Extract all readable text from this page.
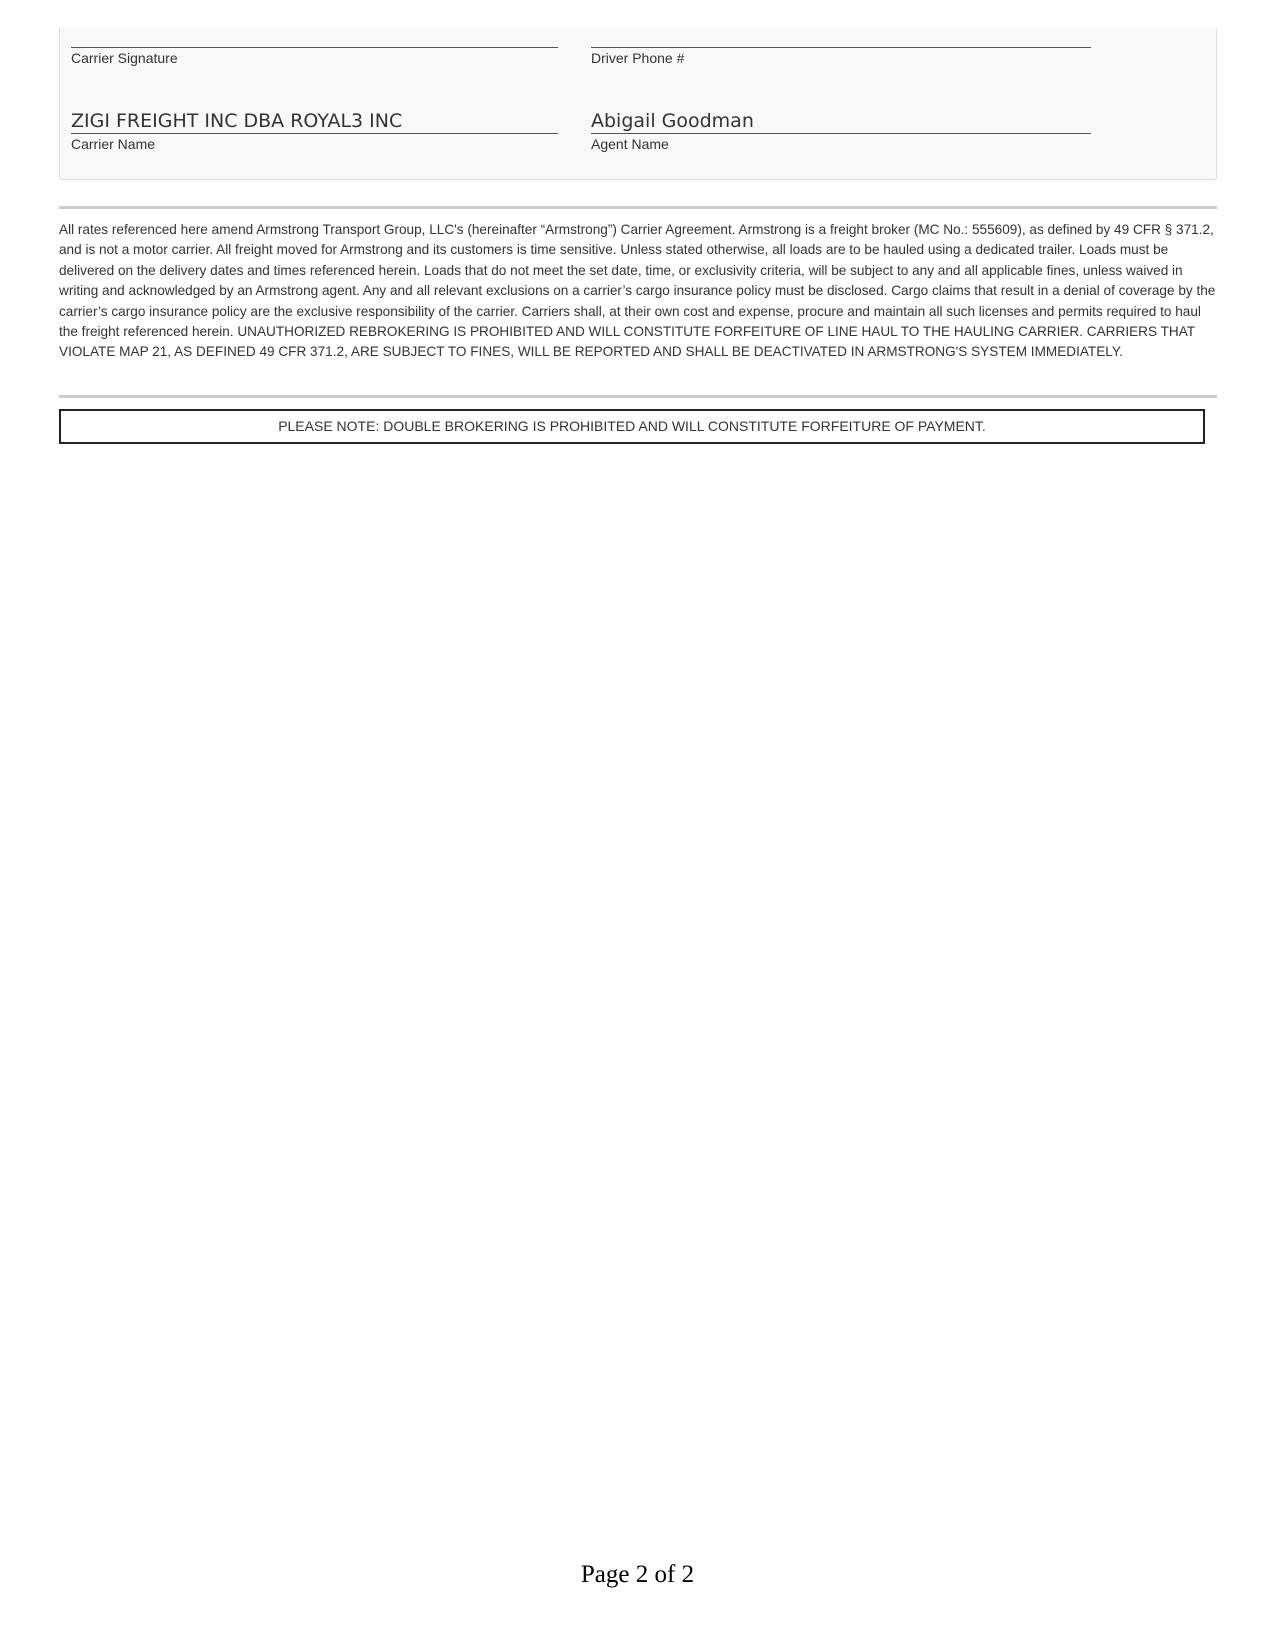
Carrier Signature	Driver Phone #
ZIGI FREIGHT INC DBA ROYAL3 INC
Carrier Name
Abigail Goodman
Agent Name

All rates referenced here amend Armstrong Transport Group, LLC's (hereinafter “Armstrong”) Carrier Agreement. Armstrong is a freight broker (MC No.: 555609), as defined by 49 CFR § 371.2, and is not a motor carrier. All freight moved for Armstrong and its customers is time sensitive. Unless stated otherwise, all loads are to be hauled using a dedicated trailer. Loads must be delivered on the delivery dates and times referenced herein. Loads that do not meet the set date, time, or exclusivity criteria, will be subject to any and all applicable fines, unless waived in writing and acknowledged by an Armstrong agent. Any and all relevant exclusions on a carrier’s cargo insurance policy must be disclosed. Cargo claims that result in a denial of coverage by the carrier’s cargo insurance policy are the exclusive responsibility of the carrier. Carriers shall, at their own cost and expense, procure and maintain all such licenses and permits required to haul the freight referenced herein. UNAUTHORIZED REBROKERING IS PROHIBITED AND WILL CONSTITUTE FORFEITURE OF LINE HAUL TO THE HAULING CARRIER. CARRIERS THAT VIOLATE MAP 21, AS DEFINED 49 CFR 371.2, ARE SUBJECT TO FINES, WILL BE REPORTED AND SHALL BE DEACTIVATED IN ARMSTRONG'S SYSTEM IMMEDIATELY.

PLEASE NOTE: DOUBLE BROKERING IS PROHIBITED AND WILL CONSTITUTE FORFEITURE OF PAYMENT.
Page 2 of 2
